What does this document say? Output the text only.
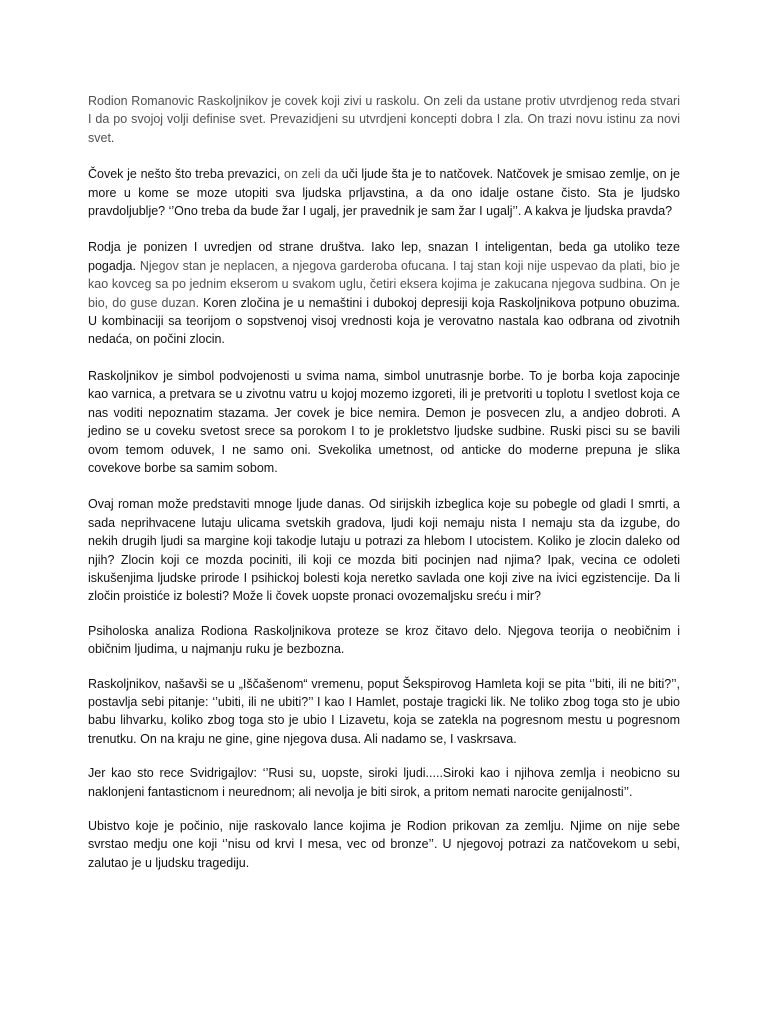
Rodion Romanovic Raskoljnikov je covek koji zivi u raskolu. On zeli da ustane protiv utvrdjenog reda stvari I da po svojoj volji definise svet. Prevazidjeni su utvrdjeni koncepti dobra I zla. On trazi novu istinu za novi svet.

Čovek je nešto što treba prevazici, on zeli da uči ljude šta je to natčovek. Natčovek je smisao zemlje, on je more u kome se moze utopiti sva ljudska prljavstina, a da ono idalje ostane čisto. Sta je ljudsko pravdoljublje? ‘’Ono treba da bude žar I ugalj, jer pravednik je sam žar I ugalj’’. A kakva je ljudska pravda?

Rodja je ponizen I uvredjen od strane društva. Iako lep, snazan I inteligentan, beda ga utoliko teze pogadja. Njegov stan je neplacen, a njegova garderoba ofucana. I taj stan koji nije uspevao da plati, bio je kao kovceg sa po jednim ekserom u svakom uglu, četiri eksera kojima je zakucana njegova sudbina. On je bio, do guse duzan. Koren zločina je u nemaštini i dubokoj depresiji koja Raskoljnikova potpuno obuzima. U kombinaciji sa teorijom o sopstvenoj visoj vrednosti koja je verovatno nastala kao odbrana od zivotnih nedaća, on počini zlocin.

Raskoljnikov je simbol podvojenosti u svima nama, simbol unutrasnje borbe. To je borba koja zapocinje kao varnica, a pretvara se u zivotnu vatru u kojoj mozemo izgoreti, ili je pretvoriti u toplotu I svetlost koja ce nas voditi nepoznatim stazama. Jer covek je bice nemira. Demon je posvecen zlu, a andjeo dobroti. A jedino se u coveku svetost srece sa porokom I to je prokletstvo ljudske sudbine. Ruski pisci su se bavili ovom temom oduvek, I ne samo oni. Svekolika umetnost, od anticke do moderne prepuna je slika covekove borbe sa samim sobom.

Ovaj roman može predstaviti mnoge ljude danas. Od sirijskih izbeglica koje su pobegle od gladi I smrti, a sada neprihvacene lutaju ulicama svetskih gradova, ljudi koji nemaju nista I nemaju sta da izgube, do nekih drugih ljudi sa margine koji takodje lutaju u potrazi za hlebom I utocistem. Koliko je zlocin daleko od njih? Zlocin koji ce mozda pociniti, ili koji ce mozda biti pocinjen nad njima? Ipak, vecina ce odoleti iskušenjima ljudske prirode I psihickoj bolesti koja neretko savlada one koji zive na ivici egzistencije. Da li zločin proistiće iz bolesti? Može li čovek uopste pronaci ovozemaljsku sreću i mir?

Psiholoska analiza Rodiona Raskoljnikova proteze se kroz čitavo delo. Njegova teorija o neobičnim i običnim ljudima, u najmanju ruku je bezbozna.

Raskoljnikov, našavši se u „Iščašenom“ vremenu, poput Šekspirovog Hamleta koji se pita ‘’biti, ili ne biti?’’, postavlja sebi pitanje: ‘’ubiti, ili ne ubiti?’’ I kao I Hamlet, postaje tragicki lik. Ne toliko zbog toga sto je ubio babu lihvarku, koliko zbog toga sto je ubio I Lizavetu, koja se zatekla na pogresnom mestu u pogresnom trenutku. On na kraju ne gine, gine njegova dusa. Ali nadamo se, I vaskrsava.

Jer kao sto rece Svidrigajlov: ‘’Rusi su, uopste, siroki ljudi.....Siroki kao i njihova zemlja i neobicno su naklonjeni fantasticnom i neurednom; ali nevolja je biti sirok, a pritom nemati narocite genijalnosti’’.

Ubistvo koje je počinio, nije raskovalo lance kojima je Rodion prikovan za zemlju. Njime on nije sebe svrstao medju one koji ‘’nisu od krvi I mesa, vec od bronze’’. U njegovoj potrazi za natčovekom u sebi, zalutao je u ljudsku tragediju.
